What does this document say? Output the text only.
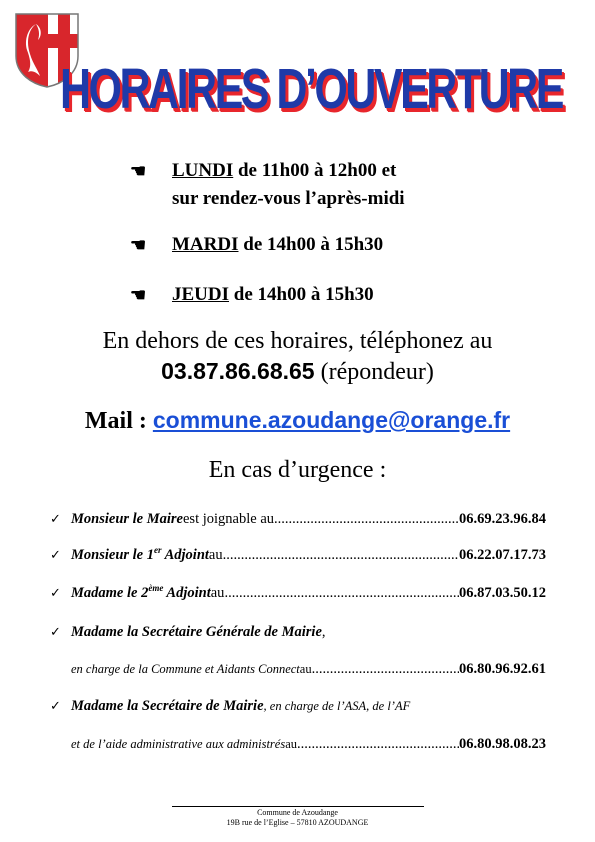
HORAIRES D’OUVERTURE
☚ LUNDI de 11h00 à 12h00 et
sur rendez-vous l’après-midi
☚ MARDI de 14h00 à 15h30
☚ JEUDI de 14h00 à 15h30
En dehors de ces horaires, téléphonez au
03.87.86.68.65 (répondeur)
Mail : commune.azoudange@orange.fr
En cas d’urgence :
✓ Monsieur le Maire est joignable au .....	06.69.23.96.84
✓ Monsieur le 1er Adjoint au .....	06.22.07.17.73
✓ Madame le 2ème Adjoint au .....	06.87.03.50.12
✓ Madame la Secrétaire Générale de Mairie ,
en charge de la Commune et Aidants Connect au .....	06.80.96.92.61
✓ Madame la Secrétaire de Mairie , en charge de l’ASA, de l’AF
et de l’aide administrative aux administrés au .....	06.80.98.08.23
Commune de Azoudange
19B rue de l’Eglise – 57810 AZOUDANGE
